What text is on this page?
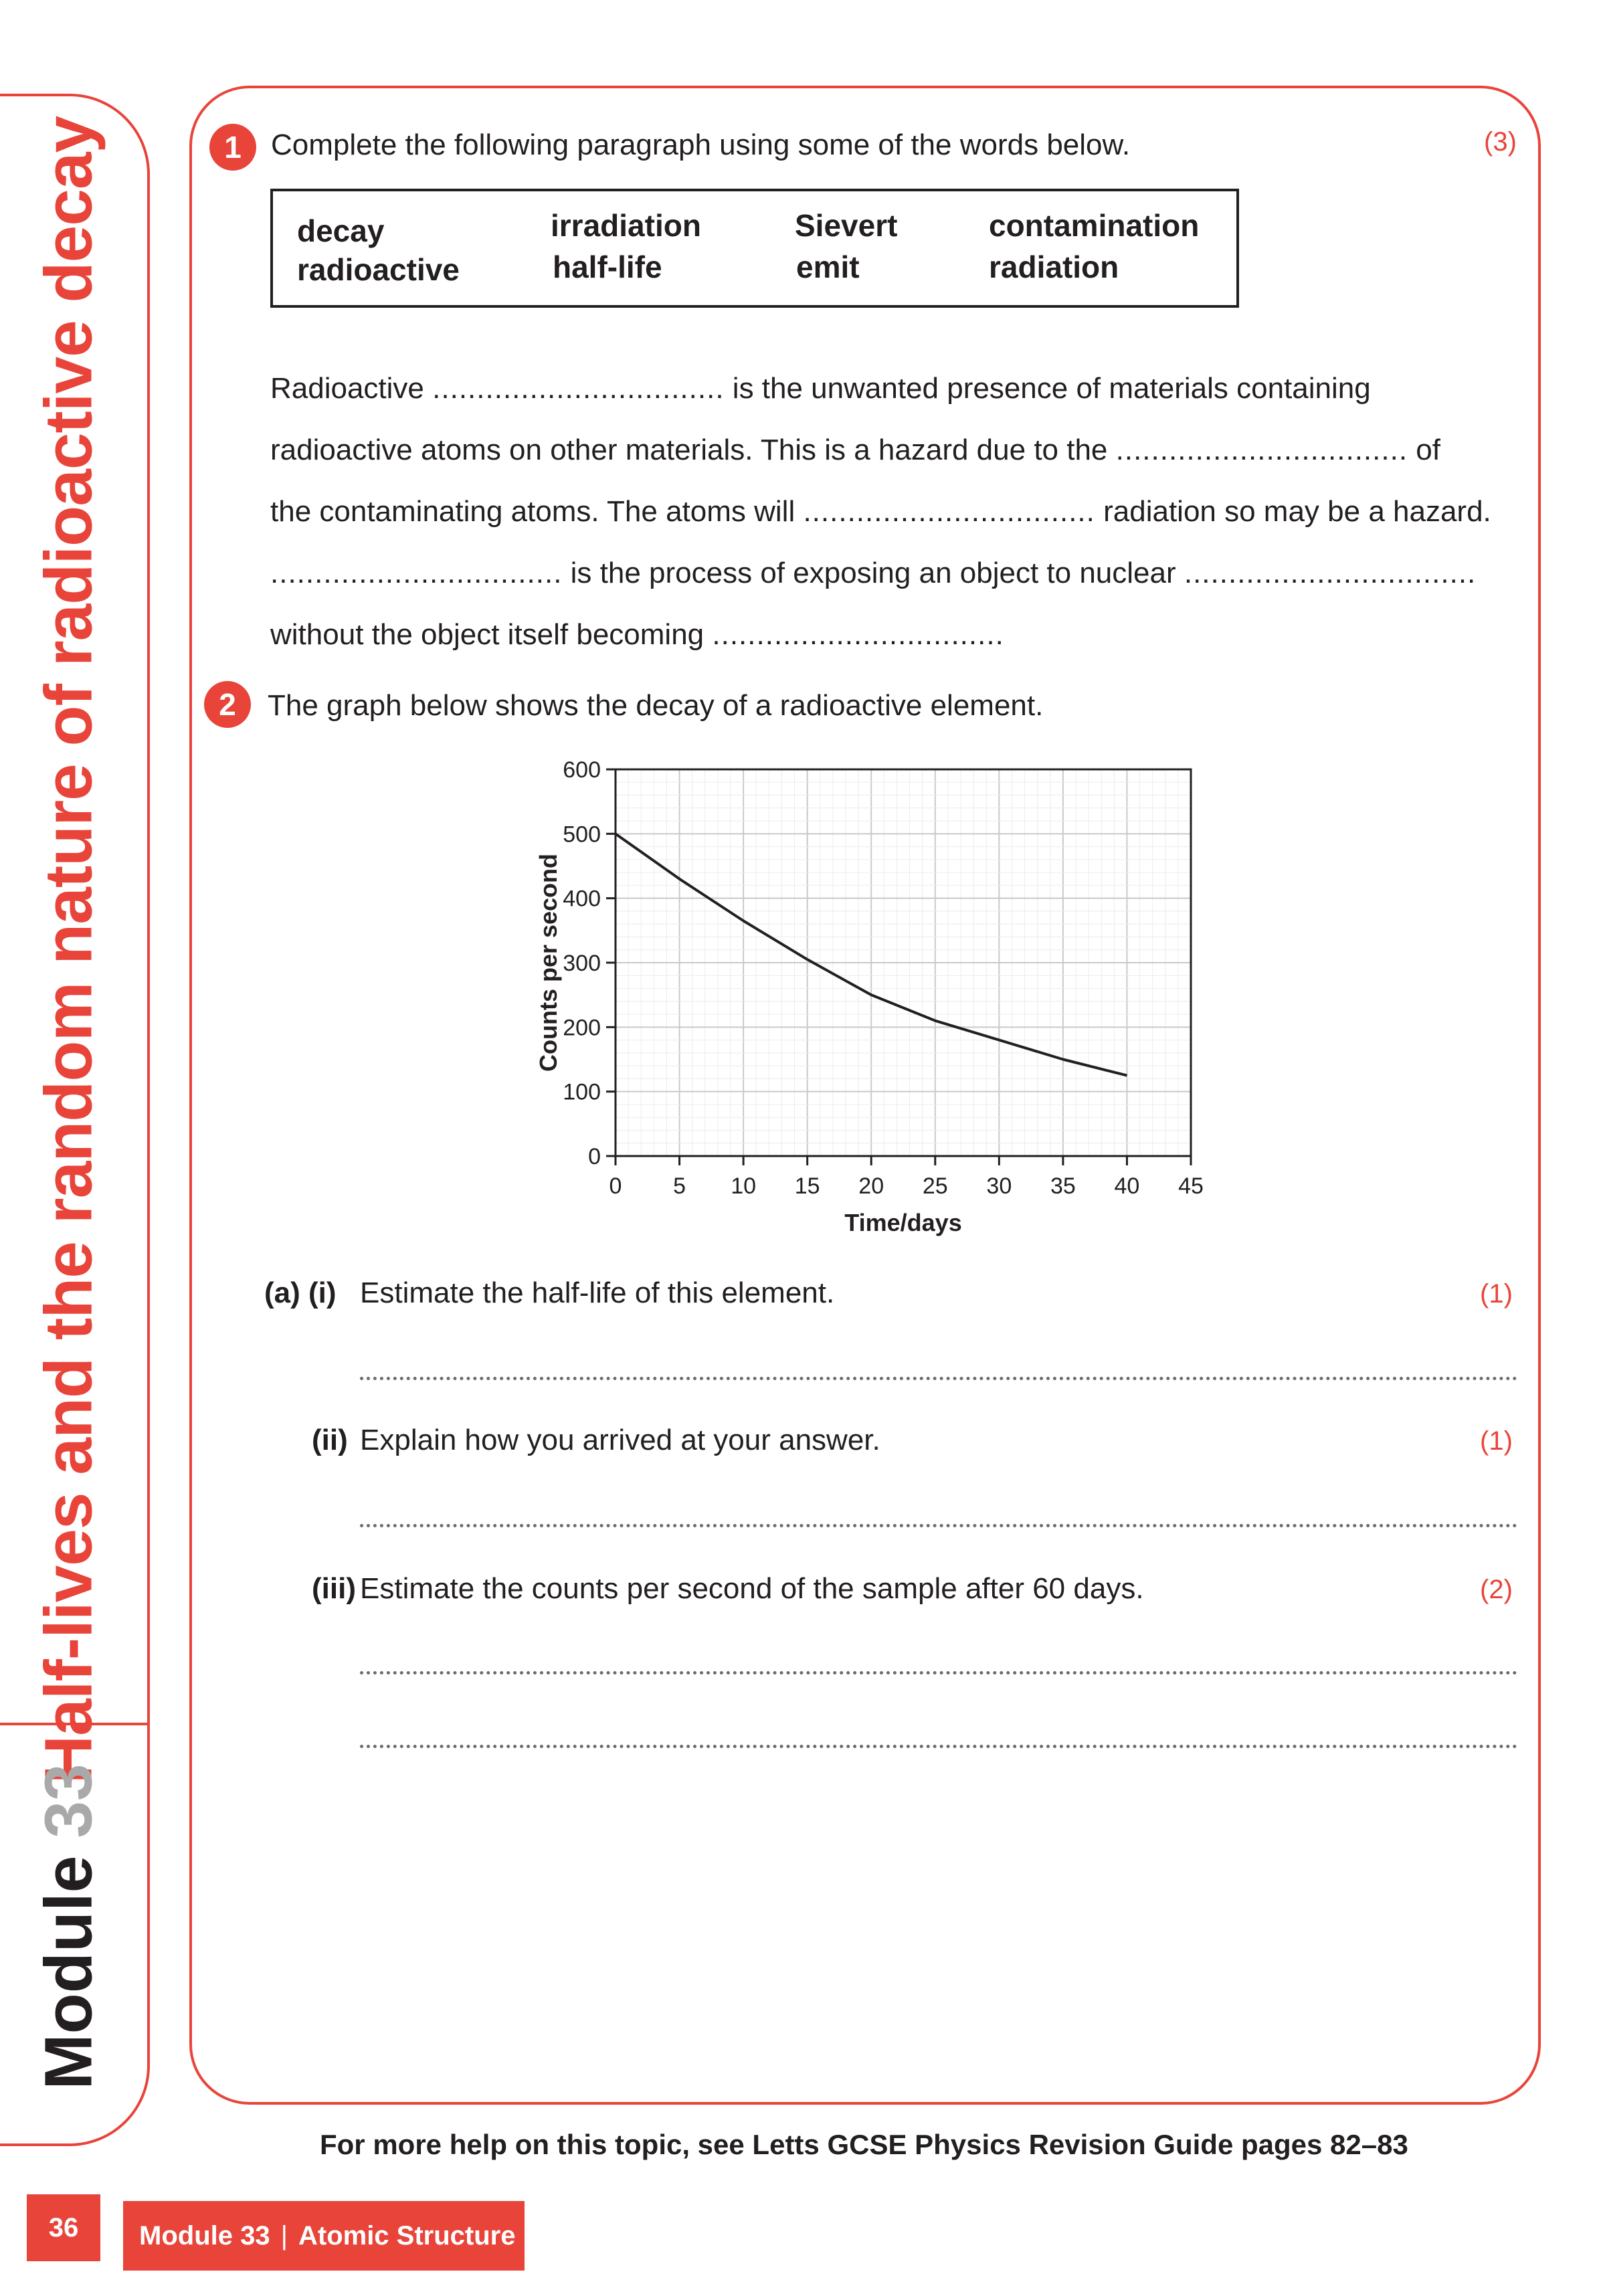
Half-lives and the random nature of radioactive decay
Module33
1	Complete the following paragraph using some of the words below.	(3)
decay	irradiation	Sievert	contamination
radioactive	half-life	emit	radiation
Radioactive ................................. is the unwanted presence of materials containing
radioactive atoms on other materials. This is a hazard due to the ................................. of
the contaminating atoms. The atoms will ................................. radiation so may be a hazard.
................................. is the process of exposing an object to nuclear .................................
without the object itself becoming .................................
2	The graph below shows the decay of a radioactive element.
0
100
200
300
400
500
600
0 5 10 15 20 25 30 35 40 45
Counts per second
Time/days
(a) (i) Estimate the half-life of this element.	(1)
(ii) Explain how you arrived at your answer.	(1)
(iii) Estimate the counts per second of the sample after 60 days.	(2)
For more help on this topic, see Letts GCSE Physics Revision Guide pages 82–83
36	Module 33 | Atomic Structure
